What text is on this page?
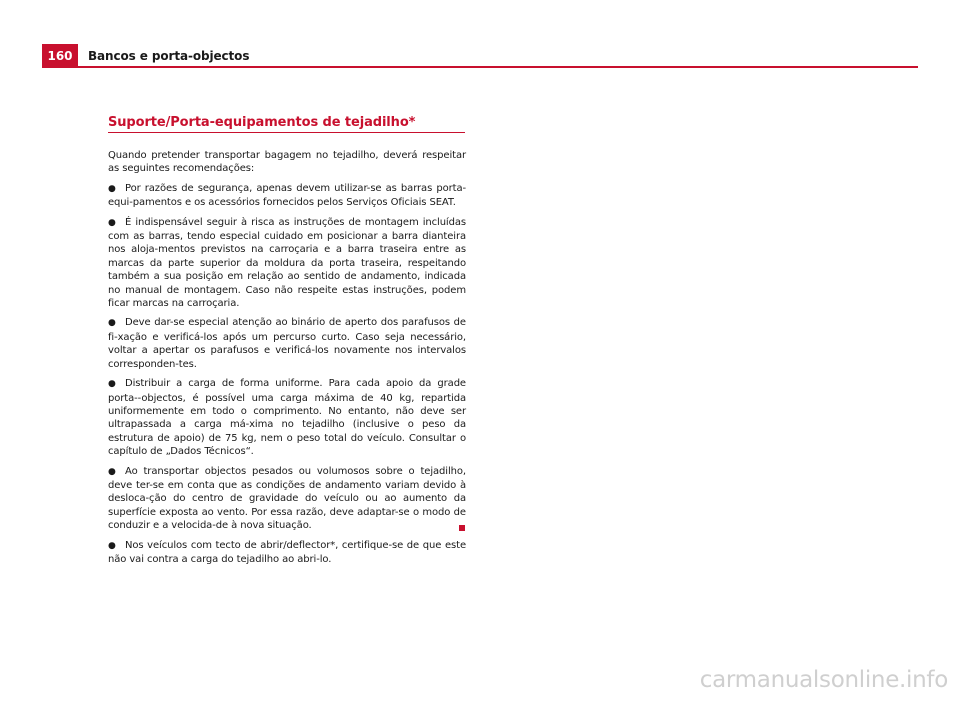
160	Bancos e porta-objectos
Suporte/Porta-equipamentos de tejadilho*

Quando pretender transportar bagagem no tejadilho, deverá respeitar as seguintes recomendações:

● Por razões de segurança, apenas devem utilizar-se as barras porta-equi-pamentos e os acessórios fornecidos pelos Serviços Oficiais SEAT.

● É indispensável seguir à risca as instruções de montagem incluídas com as barras, tendo especial cuidado em posicionar a barra dianteira nos aloja-mentos previstos na carroçaria e a barra traseira entre as marcas da parte superior da moldura da porta traseira, respeitando também a sua posição em relação ao sentido de andamento, indicada no manual de montagem. Caso não respeite estas instruções, podem ficar marcas na carroçaria.

● Deve dar-se especial atenção ao binário de aperto dos parafusos de fi-xação e verificá-los após um percurso curto. Caso seja necessário, voltar a apertar os parafusos e verificá-los novamente nos intervalos corresponden-tes.

● Distribuir a carga de forma uniforme. Para cada apoio da grade porta--objectos, é possível uma carga máxima de 40 kg, repartida uniformemente em todo o comprimento. No entanto, não deve ser ultrapassada a carga má-xima no tejadilho (inclusive o peso da estrutura de apoio) de 75 kg, nem o peso total do veículo. Consultar o capítulo de „Dados Técnicos“.

● Ao transportar objectos pesados ou volumosos sobre o tejadilho, deve ter-se em conta que as condições de andamento variam devido à desloca-ção do centro de gravidade do veículo ou ao aumento da superfície exposta ao vento. Por essa razão, deve adaptar-se o modo de conduzir e a velocida-de à nova situação.

● Nos veículos com tecto de abrir/deflector*, certifique-se de que este não vai contra a carga do tejadilho ao abri-lo.

carmanualsonline.info
